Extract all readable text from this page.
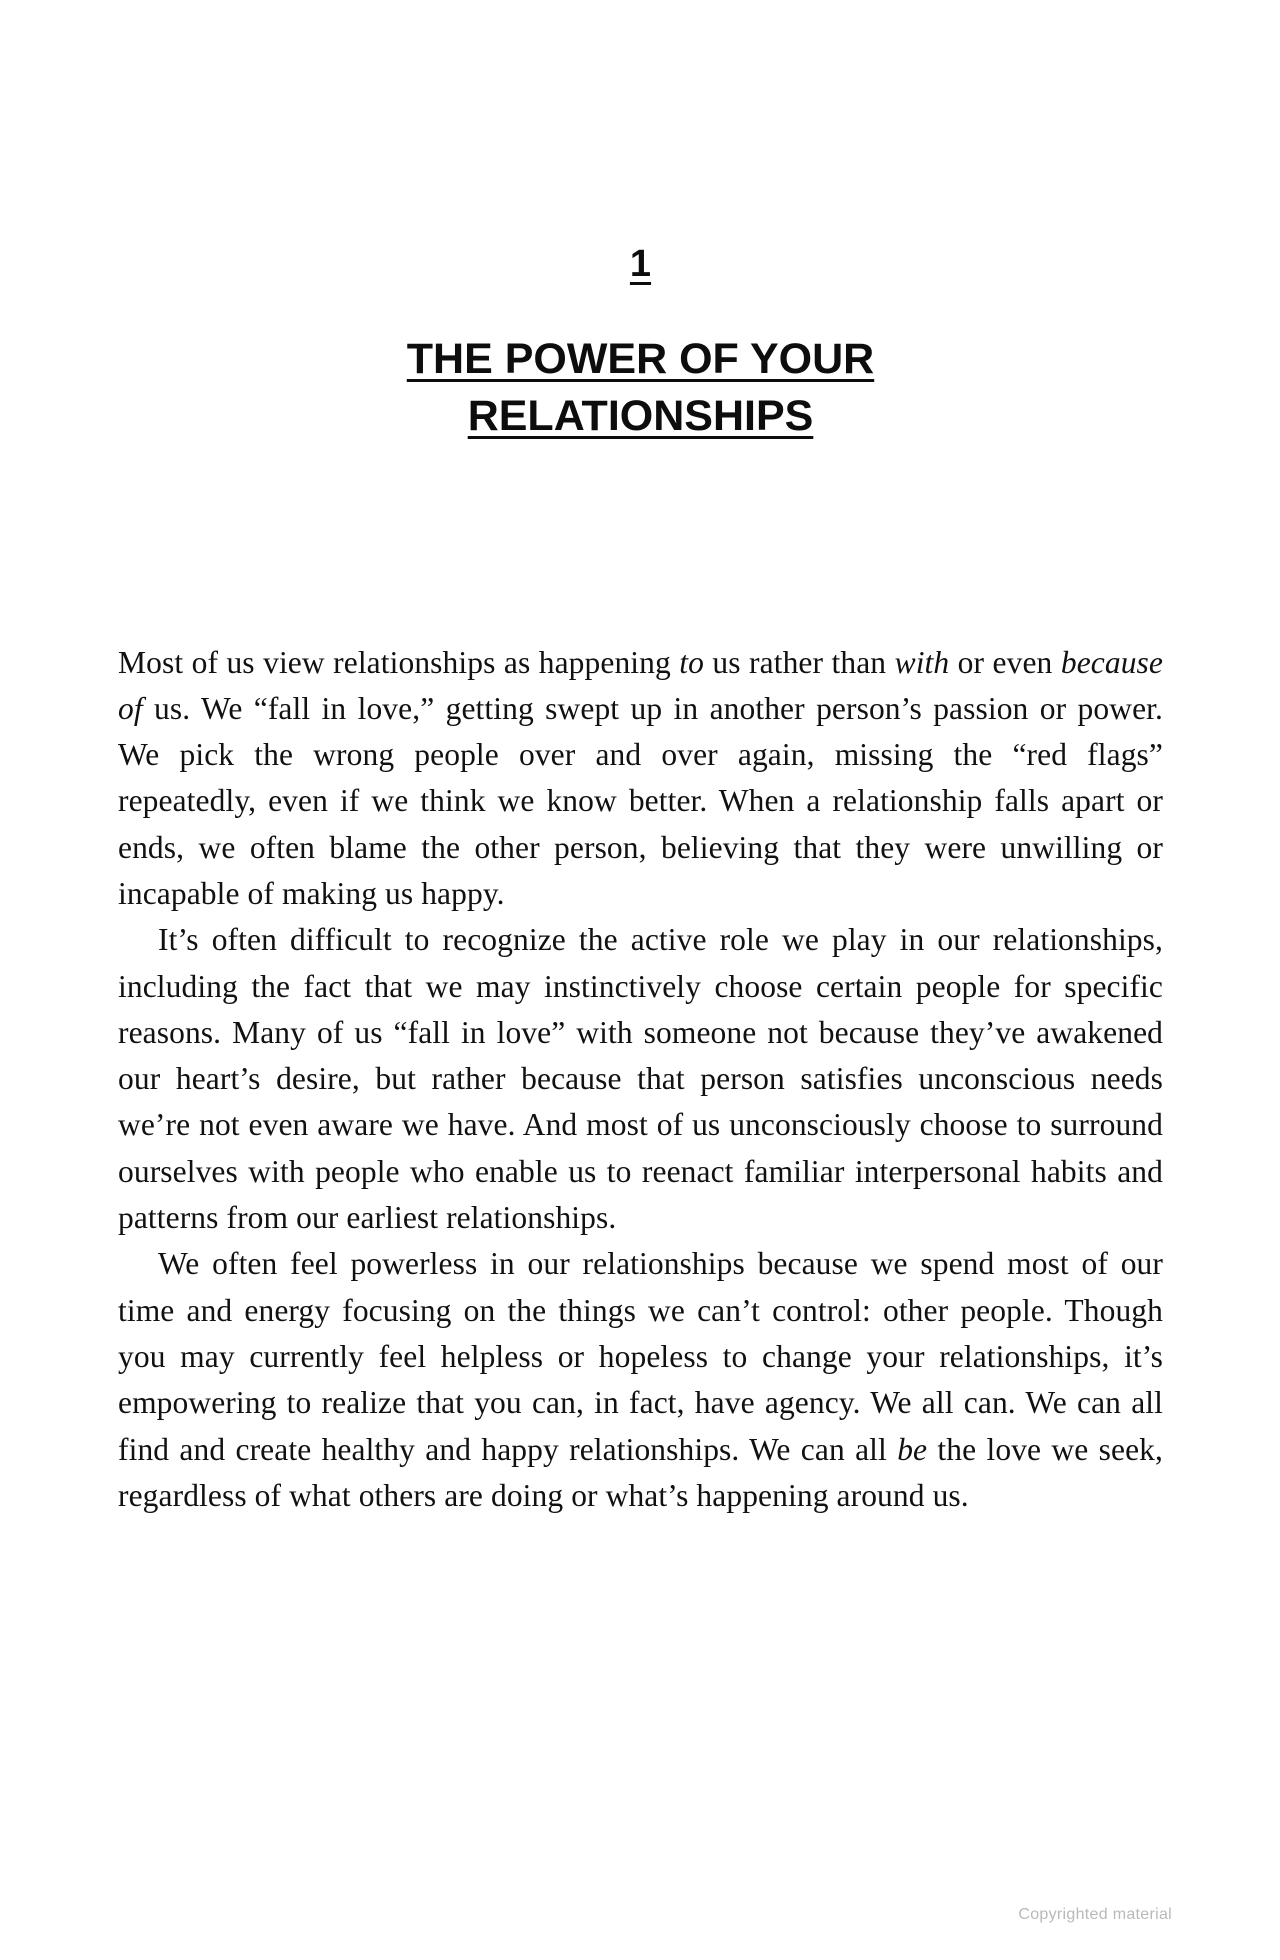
1
THE POWER OF YOUR
RELATIONSHIPS

Most of us view relationships as happening to us rather than with or even because of us. We “fall in love,” getting swept up in another person’s passion or power. We pick the wrong people over and over again, missing the “red flags” repeatedly, even if we think we know better. When a relationship falls apart or ends, we often blame the other person, believing that they were unwilling or incapable of making us happy.

It’s often difficult to recognize the active role we play in our relationships, including the fact that we may instinctively choose certain people for specific reasons. Many of us “fall in love” with someone not because they’ve awakened our heart’s desire, but rather because that person satisfies unconscious needs we’re not even aware we have. And most of us unconsciously choose to surround ourselves with people who enable us to reenact familiar interpersonal habits and patterns from our earliest relationships.

We often feel powerless in our relationships because we spend most of our time and energy focusing on the things we can’t control: other people. Though you may currently feel helpless or hopeless to change your relationships, it’s empowering to realize that you can, in fact, have agency. We all can. We can all find and create healthy and happy relationships. We can all be the love we seek, regardless of what others are doing or what’s happening around us.

Copyrighted material
